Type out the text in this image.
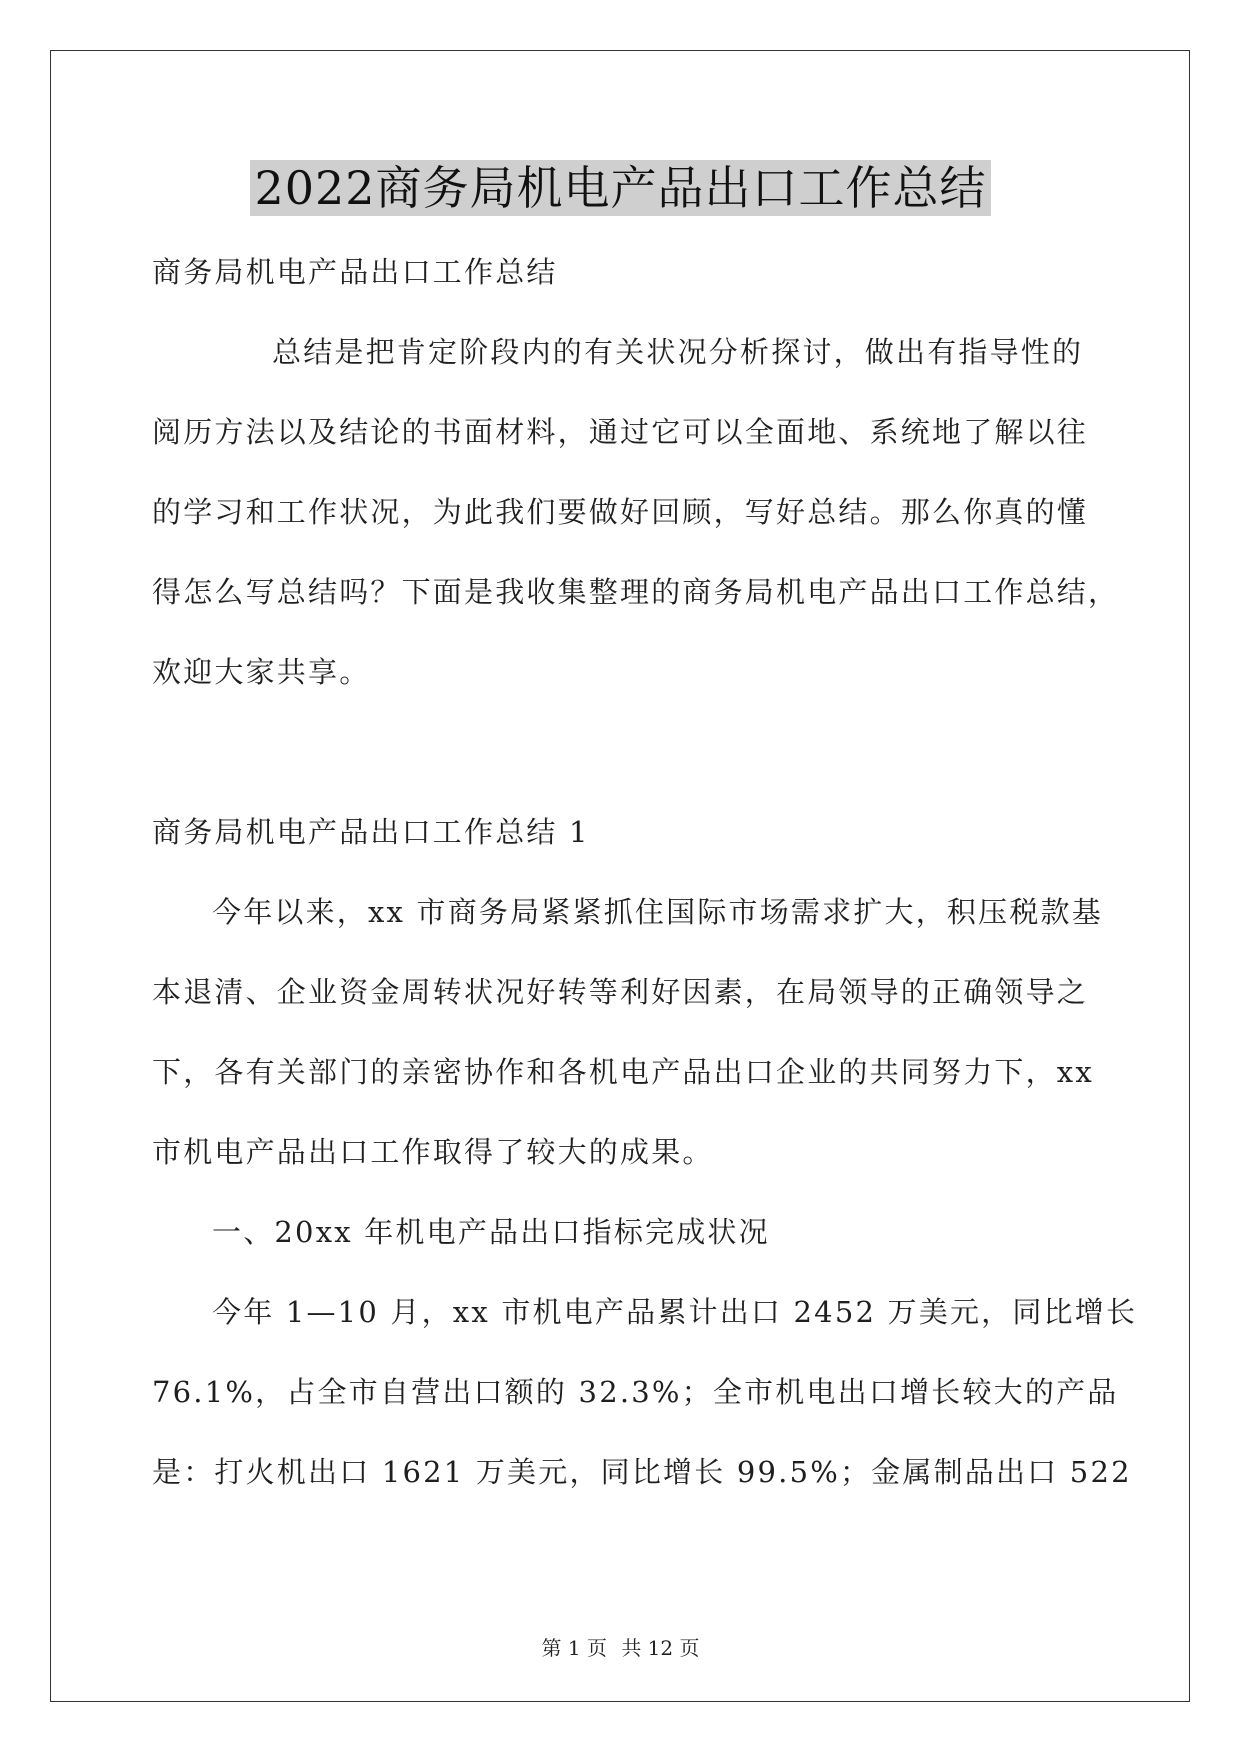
2022商务局机电产品出口工作总结
商务局机电产品出口工作总结
总结是把肯定阶段内的有关状况分析探讨，做出有指导性的
阅历方法以及结论的书面材料，通过它可以全面地、系统地了解以往
的学习和工作状况，为此我们要做好回顾，写好总结。那么你真的懂
得怎么写总结吗？下面是我收集整理的商务局机电产品出口工作总结，
欢迎大家共享。
商务局机电产品出口工作总结 1
今年以来，xx 市商务局紧紧抓住国际市场需求扩大，积压税款基
本退清、企业资金周转状况好转等利好因素，在局领导的正确领导之
下，各有关部门的亲密协作和各机电产品出口企业的共同努力下，xx
市机电产品出口工作取得了较大的成果。
一、20xx 年机电产品出口指标完成状况
今年 1—10 月，xx 市机电产品累计出口 2452 万美元，同比增长
76.1%，占全市自营出口额的 32.3%；全市机电出口增长较大的产品
是：打火机出口 1621 万美元，同比增长 99.5%；金属制品出口 522
第 1 页 共 12 页
